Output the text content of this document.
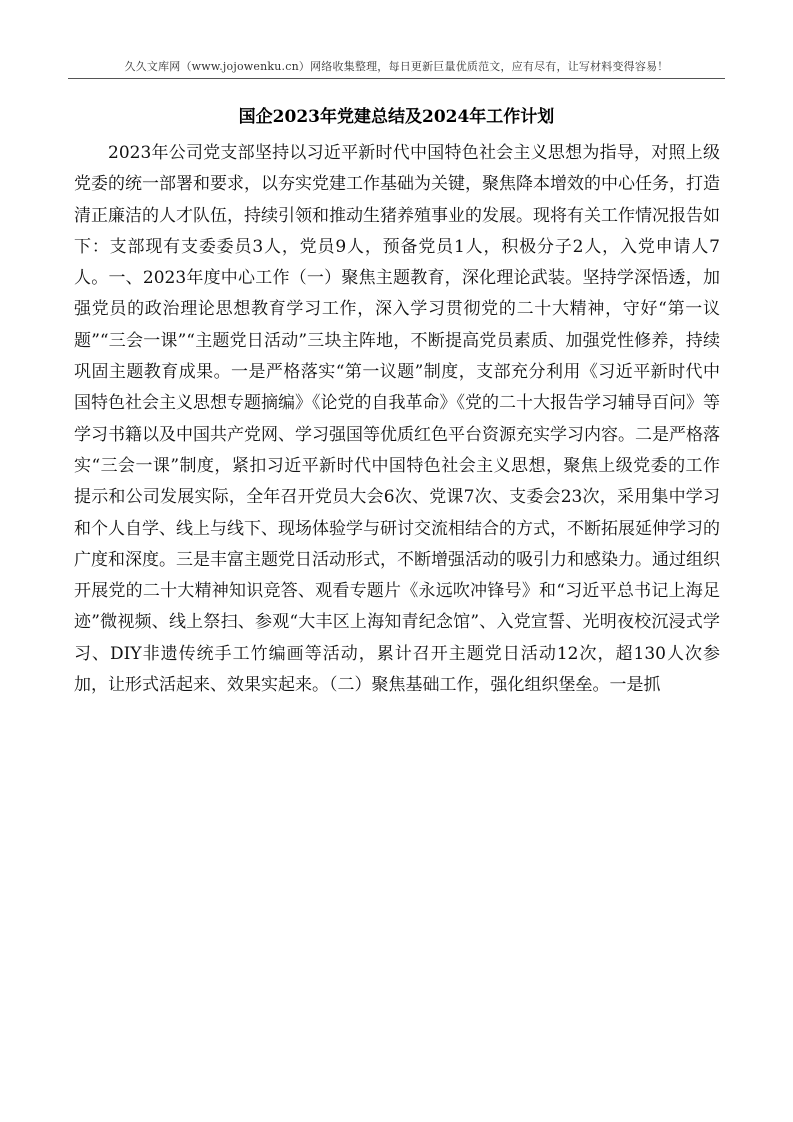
久久文库网（www.jojowenku.cn）网络收集整理，每日更新巨量优质范文，应有尽有，让写材料变得容易！
国企2023年党建总结及2024年工作计划

2023年公司党支部坚持以习近平新时代中国特色社会主义思想为指导，对照上级党委的统一部署和要求，以夯实党建工作基础为关键，聚焦降本增效的中心任务，打造清正廉洁的人才队伍，持续引领和推动生猪养殖事业的发展。现将有关工作情况报告如下：支部现有支委委员3人，党员9人，预备党员1人，积极分子2人，入党申请人7人。一、2023年度中心工作（一）聚焦主题教育，深化理论武装。坚持学深悟透，加强党员的政治理论思想教育学习工作，深入学习贯彻党的二十大精神，守好“第一议题”“三会一课”“主题党日活动”三块主阵地，不断提高党员素质、加强党性修养，持续巩固主题教育成果。一是严格落实“第一议题”制度，支部充分利用《习近平新时代中国特色社会主义思想专题摘编》《论党的自我革命》《党的二十大报告学习辅导百问》等学习书籍以及中国共产党网、学习强国等优质红色平台资源充实学习内容。二是严格落实“三会一课”制度，紧扣习近平新时代中国特色社会主义思想，聚焦上级党委的工作提示和公司发展实际，全年召开党员大会6次、党课7次、支委会23次，采用集中学习和个人自学、线上与线下、现场体验学与研讨交流相结合的方式，不断拓展延伸学习的广度和深度。三是丰富主题党日活动形式，不断增强活动的吸引力和感染力。通过组织开展党的二十大精神知识竞答、观看专题片《永远吹冲锋号》和“习近平总书记上海足迹”微视频、线上祭扫、参观“大丰区上海知青纪念馆”、入党宣誓、光明夜校沉浸式学习、DIY非遗传统手工竹编画等活动，累计召开主题党日活动12次，超130人次参加，让形式活起来、效果实起来。（二）聚焦基础工作，强化组织堡垒。一是抓
